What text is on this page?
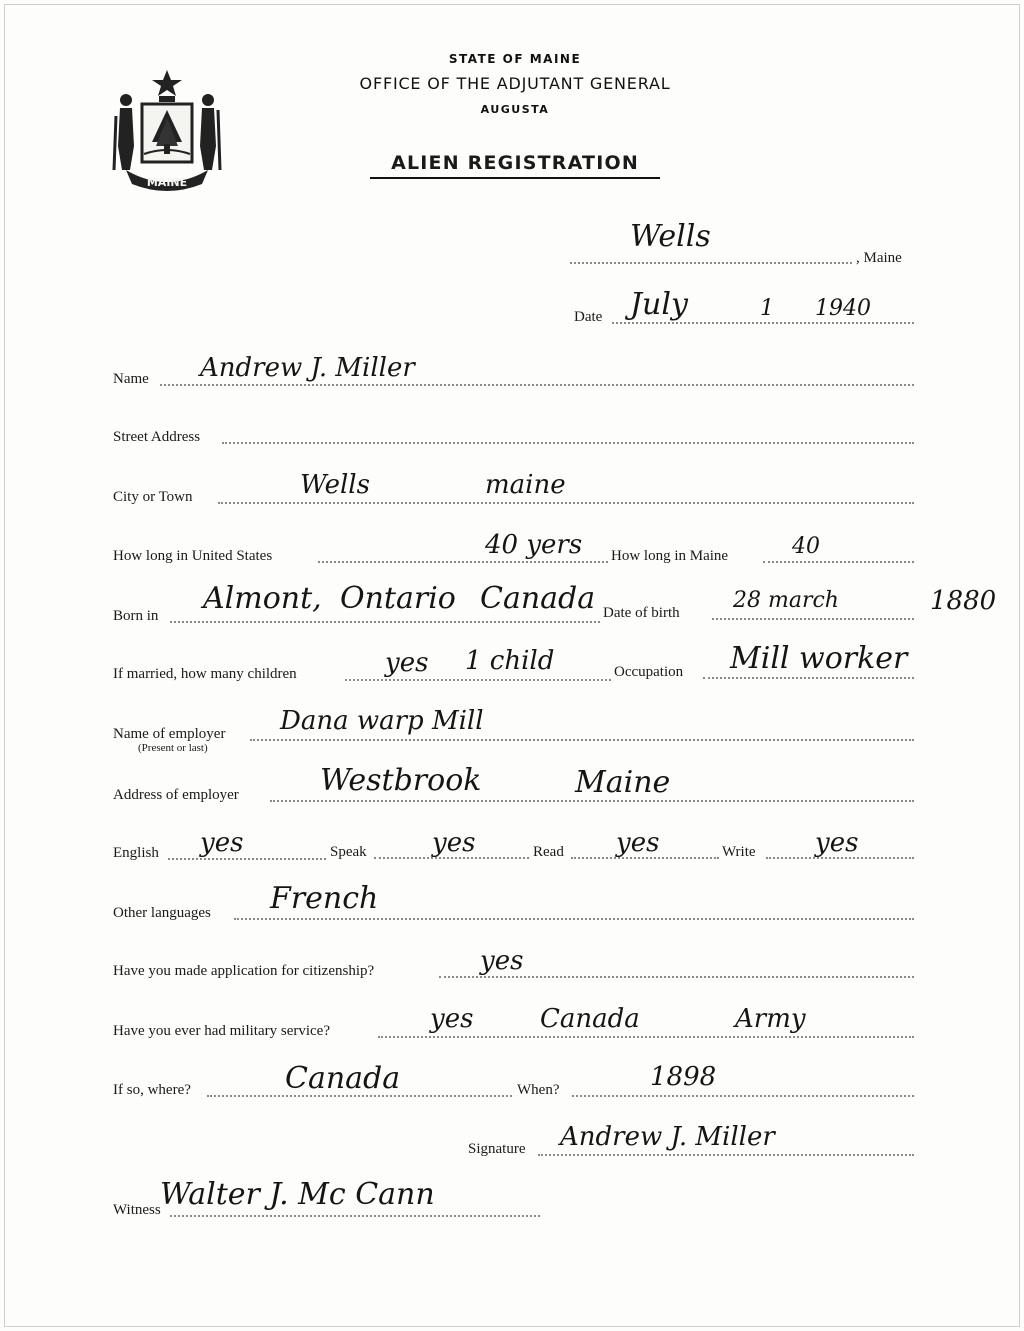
MAINE
STATE OF MAINE
OFFICE OF THE ADJUTANT GENERAL
AUGUSTA
ALIEN REGISTRATION
Wells
, Maine
Date July	1 1940
Name Andrew J. Miller
Street Address
City or Town	Wells	maine
How long in United States	40 yers How long in Maine	40
Born in Almont, Ontario Canada Date of birth 28 march	1880
If married, how many children	yes 1 child	Occupation Mill worker
Name of employer
(Present or last)
Dana warp Mill
Address of employer	Westbrook	Maine
English yes	Speak	yes	Read yes	Write yes
Other languages French
Have you made application for citizenship?	yes
Have you ever had military service?	yes	Canada	Army
If so, where?	Canada	When?	1898
Signature Andrew J. Miller
Witness Walter J. Mc Cann
